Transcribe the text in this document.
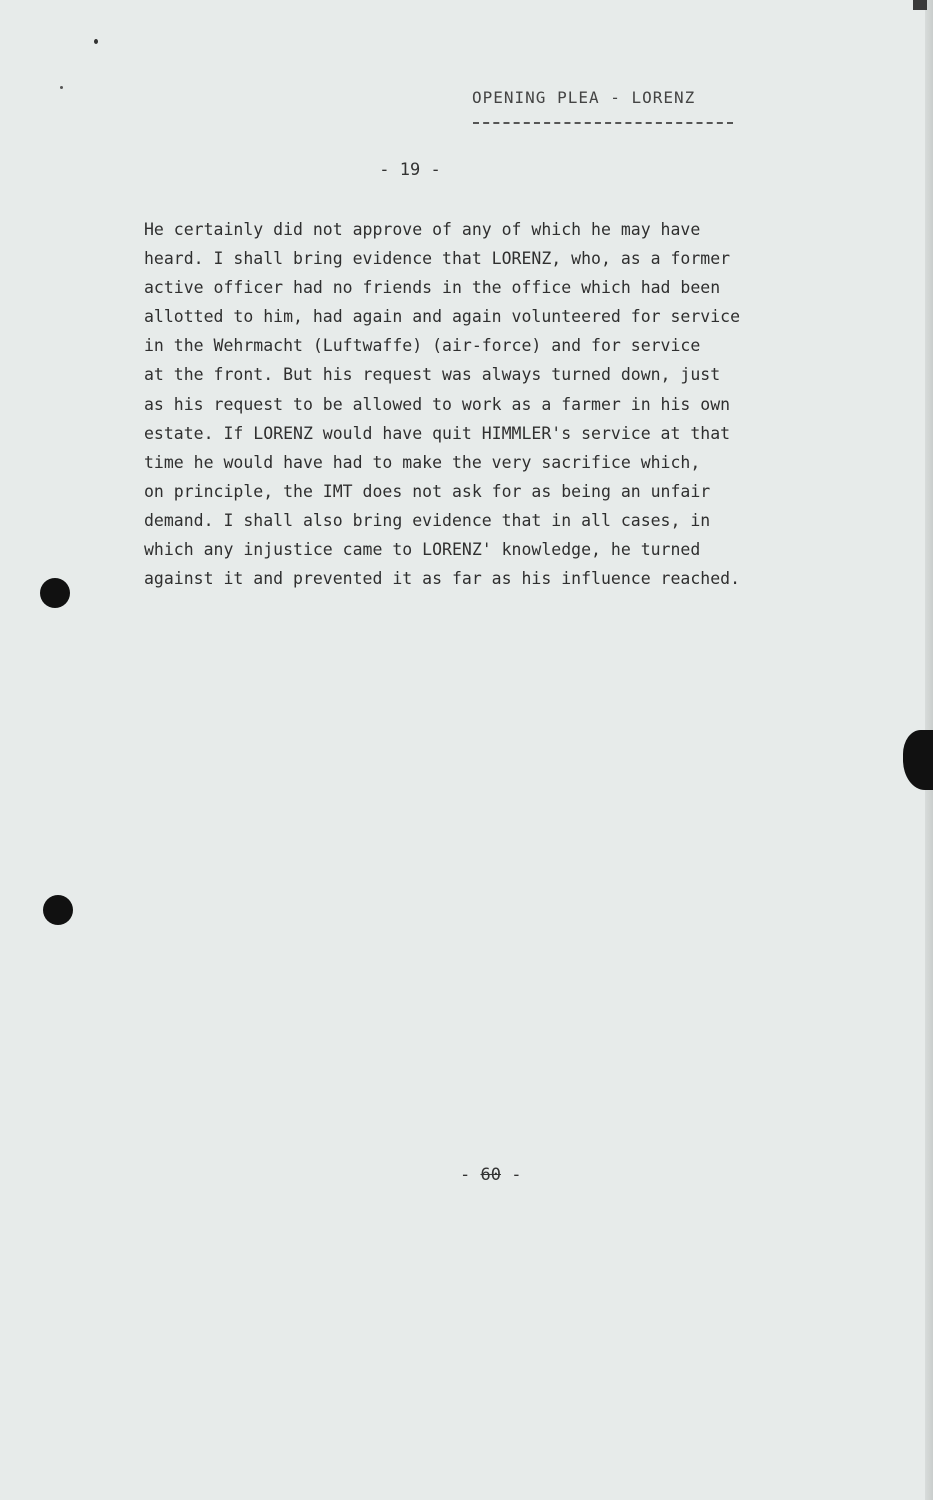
OPENING PLEA - LORENZ
- 19 -
He certainly did not approve of any of which he may have
heard. I shall bring evidence that LORENZ, who, as a former
active officer had no friends in the office which had been
allotted to him, had again and again volunteered for service
in the Wehrmacht (Luftwaffe) (air-force) and for service
at the front. But his request was always turned down, just
as his request to be allowed to work as a farmer in his own
estate. If LORENZ would have quit HIMMLER's service at that
time he would have had to make the very sacrifice which,
on principle, the IMT does not ask for as being an unfair
demand. I shall also bring evidence that in all cases, in
which any injustice came to LORENZ' knowledge, he turned
against it and prevented it as far as his influence reached.
- 60 -
